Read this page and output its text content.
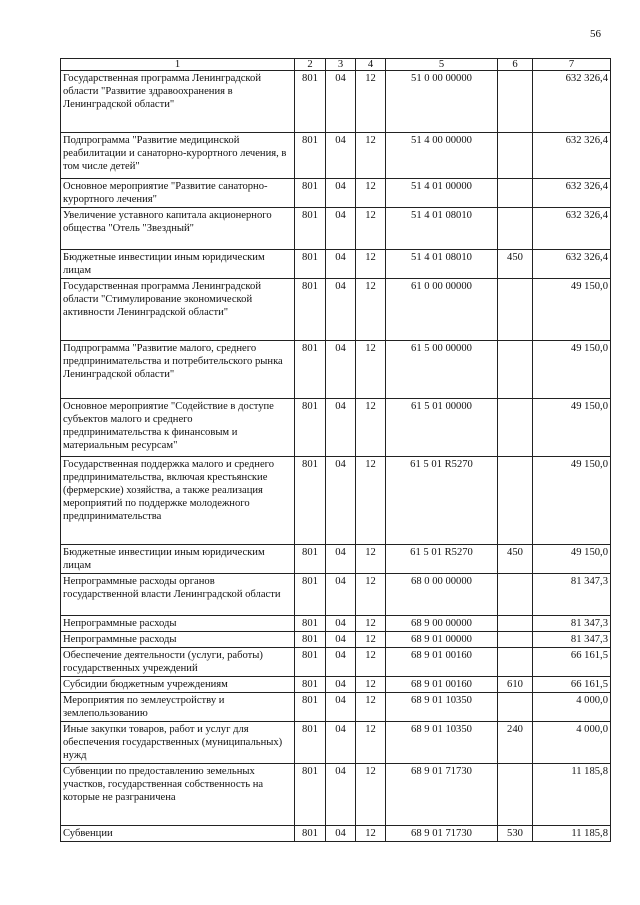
56
1	2	3	4	5	6	7
Государственная программа Ленинградской области "Развитие здравоохранения в Ленинградской области"	801	04	12	51 0 00 00000		632 326,4
Подпрограмма "Развитие медицинской реабилитации и санаторно-курортного лечения, в том числе детей"	801	04	12	51 4 00 00000		632 326,4
Основное мероприятие "Развитие санаторно-курортного лечения"	801	04	12	51 4 01 00000		632 326,4
Увеличение уставного капитала акционерного общества "Отель "Звездный"	801	04	12	51 4 01 08010		632 326,4
Бюджетные инвестиции иным юридическим лицам	801	04	12	51 4 01 08010	450	632 326,4
Государственная программа Ленинградской области "Стимулирование экономической активности Ленинградской области"	801	04	12	61 0 00 00000		49 150,0
Подпрограмма "Развитие малого, среднего предпринимательства и потребительского рынка Ленинградской области"	801	04	12	61 5 00 00000		49 150,0
Основное мероприятие "Содействие в доступе субъектов малого и среднего предпринимательства к финансовым и материальным ресурсам"	801	04	12	61 5 01 00000		49 150,0
Государственная поддержка малого и среднего предпринимательства, включая крестьянские (фермерские) хозяйства, а также реализация мероприятий по поддержке молодежного предпринимательства	801	04	12	61 5 01 R5270		49 150,0
Бюджетные инвестиции иным юридическим лицам	801	04	12	61 5 01 R5270	450	49 150,0
Непрограммные расходы органов государственной власти Ленинградской области	801	04	12	68 0 00 00000		81 347,3
Непрограммные расходы	801	04	12	68 9 00 00000		81 347,3
Непрограммные расходы	801	04	12	68 9 01 00000		81 347,3
Обеспечение деятельности (услуги, работы) государственных учреждений	801	04	12	68 9 01 00160		66 161,5
Субсидии бюджетным учреждениям	801	04	12	68 9 01 00160	610	66 161,5
Мероприятия по землеустройству и землепользованию	801	04	12	68 9 01 10350		4 000,0
Иные закупки товаров, работ и услуг для обеспечения государственных (муниципальных) нужд	801	04	12	68 9 01 10350	240	4 000,0
Субвенции по предоставлению земельных участков, государственная собственность на которые не разграничена	801	04	12	68 9 01 71730		11 185,8
Субвенции	801	04	12	68 9 01 71730	530	11 185,8
